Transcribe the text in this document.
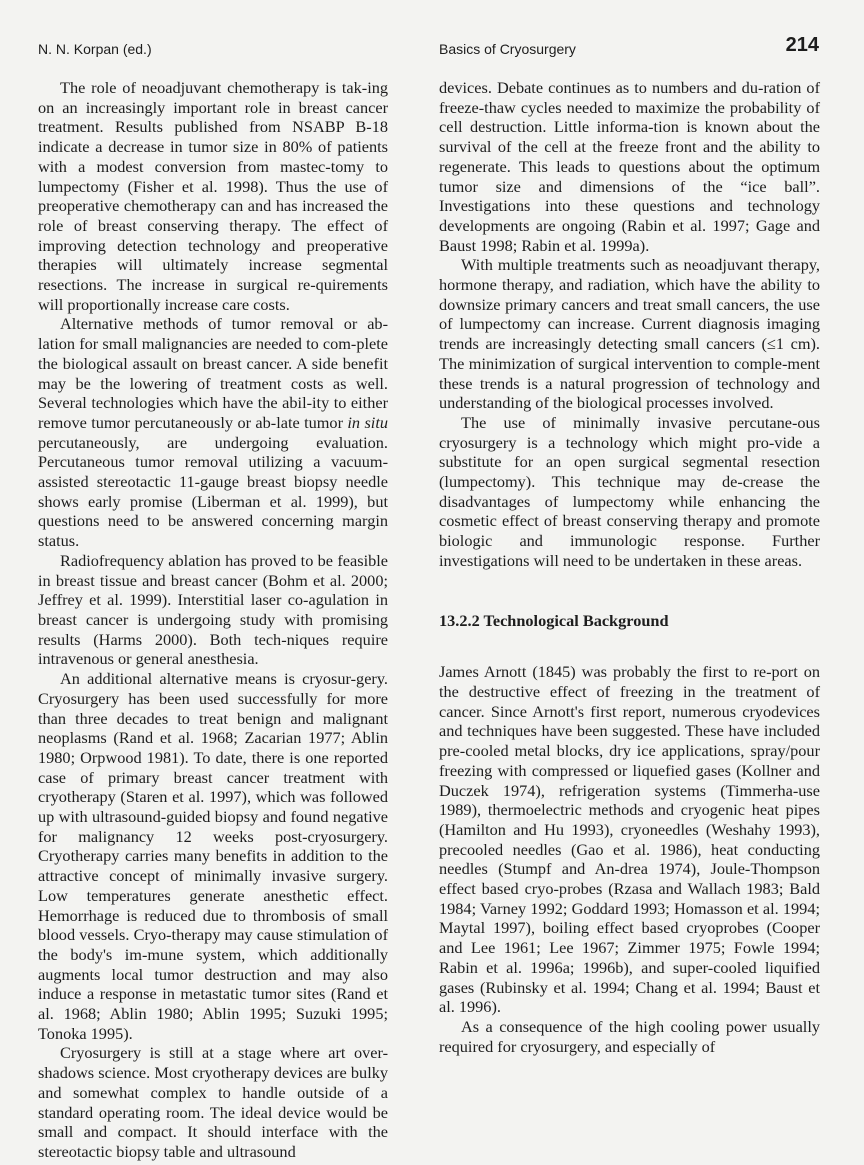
N. N. Korpan (ed.)	Basics of Cryosurgery	214

The role of neoadjuvant chemotherapy is tak-ing on an increasingly important role in breast cancer treatment. Results published from NSABP B-18 indicate a decrease in tumor size in 80% of patients with a modest conversion from mastec-tomy to lumpectomy (Fisher et al. 1998). Thus the use of preoperative chemotherapy can and has increased the role of breast conserving therapy. The effect of improving detection technology and preoperative therapies will ultimately increase segmental resections. The increase in surgical re-quirements will proportionally increase care costs.

Alternative methods of tumor removal or ab-lation for small malignancies are needed to com-plete the biological assault on breast cancer. A side benefit may be the lowering of treatment costs as well. Several technologies which have the abil-ity to either remove tumor percutaneously or ab-late tumor in situ percutaneously, are undergoing evaluation. Percutaneous tumor removal utilizing a vacuum-assisted stereotactic 11-gauge breast biopsy needle shows early promise (Liberman et al. 1999), but questions need to be answered concerning margin status.

Radiofrequency ablation has proved to be feasible in breast tissue and breast cancer (Bohm et al. 2000; Jeffrey et al. 1999). Interstitial laser co-agulation in breast cancer is undergoing study with promising results (Harms 2000). Both tech-niques require intravenous or general anesthesia.

An additional alternative means is cryosur-gery. Cryosurgery has been used successfully for more than three decades to treat benign and malignant neoplasms (Rand et al. 1968; Zacarian 1977; Ablin 1980; Orpwood 1981). To date, there is one reported case of primary breast cancer treatment with cryotherapy (Staren et al. 1997), which was followed up with ultrasound-guided biopsy and found negative for malignancy 12 weeks post-cryosurgery. Cryotherapy carries many benefits in addition to the attractive concept of minimally invasive surgery. Low temperatures generate anesthetic effect. Hemorrhage is reduced due to thrombosis of small blood vessels. Cryo-therapy may cause stimulation of the body's im-mune system, which additionally augments local tumor destruction and may also induce a response in metastatic tumor sites (Rand et al. 1968; Ablin 1980; Ablin 1995; Suzuki 1995; Tonoka 1995).

Cryosurgery is still at a stage where art over-shadows science. Most cryotherapy devices are bulky and somewhat complex to handle outside of a standard operating room. The ideal device would be small and compact. It should interface with the stereotactic biopsy table and ultrasound

devices. Debate continues as to numbers and du-ration of freeze-thaw cycles needed to maximize the probability of cell destruction. Little informa-tion is known about the survival of the cell at the freeze front and the ability to regenerate. This leads to questions about the optimum tumor size and dimensions of the “ice ball”. Investigations into these questions and technology developments are ongoing (Rabin et al. 1997; Gage and Baust 1998; Rabin et al. 1999a).

With multiple treatments such as neoadjuvant therapy, hormone therapy, and radiation, which have the ability to downsize primary cancers and treat small cancers, the use of lumpectomy can increase. Current diagnosis imaging trends are increasingly detecting small cancers (≤1 cm). The minimization of surgical intervention to comple-ment these trends is a natural progression of technology and understanding of the biological processes involved.

The use of minimally invasive percutane-ous cryosurgery is a technology which might pro-vide a substitute for an open surgical segmental resection (lumpectomy). This technique may de-crease the disadvantages of lumpectomy while enhancing the cosmetic effect of breast conserving therapy and promote biologic and immunologic response. Further investigations will need to be undertaken in these areas.

13.2.2 Technological Background

James Arnott (1845) was probably the first to re-port on the destructive effect of freezing in the treatment of cancer. Since Arnott's first report, numerous cryodevices and techniques have been suggested. These have included pre-cooled metal blocks, dry ice applications, spray/pour freezing with compressed or liquefied gases (Kollner and Duczek 1974), refrigeration systems (Timmerha-use 1989), thermoelectric methods and cryogenic heat pipes (Hamilton and Hu 1993), cryoneedles (Weshahy 1993), precooled needles (Gao et al. 1986), heat conducting needles (Stumpf and An-drea 1974), Joule-Thompson effect based cryo-probes (Rzasa and Wallach 1983; Bald 1984; Varney 1992; Goddard 1993; Homasson et al. 1994; Maytal 1997), boiling effect based cryoprobes (Cooper and Lee 1961; Lee 1967; Zimmer 1975; Fowle 1994; Rabin et al. 1996a; 1996b), and super-cooled liquified gases (Rubinsky et al. 1994; Chang et al. 1994; Baust et al. 1996).

As a consequence of the high cooling power usually required for cryosurgery, and especially of
